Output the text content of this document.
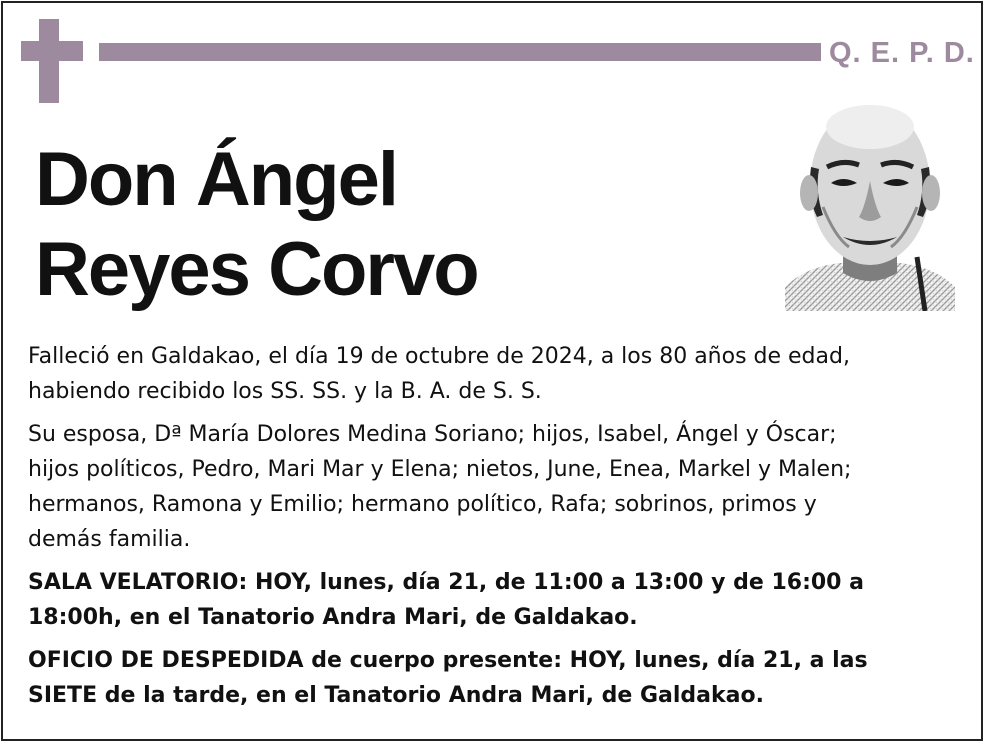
Q. E. P. D.
Don Ángel
Reyes Corvo

Falleció en Galdakao, el día 19 de octubre de 2024, a los 80 años de edad,
habiendo recibido los SS. SS. y la B. A. de S. S.

Su esposa, Dª María Dolores Medina Soriano; hijos, Isabel, Ángel y Óscar;
hijos políticos, Pedro, Mari Mar y Elena; nietos, June, Enea, Markel y Malen;
hermanos, Ramona y Emilio; hermano político, Rafa; sobrinos, primos y
demás familia.

SALA VELATORIO: HOY, lunes, día 21, de 11:00 a 13:00 y de 16:00 a
18:00h, en el Tanatorio Andra Mari, de Galdakao.

OFICIO DE DESPEDIDA de cuerpo presente: HOY, lunes, día 21, a las
SIETE de la tarde, en el Tanatorio Andra Mari, de Galdakao.
